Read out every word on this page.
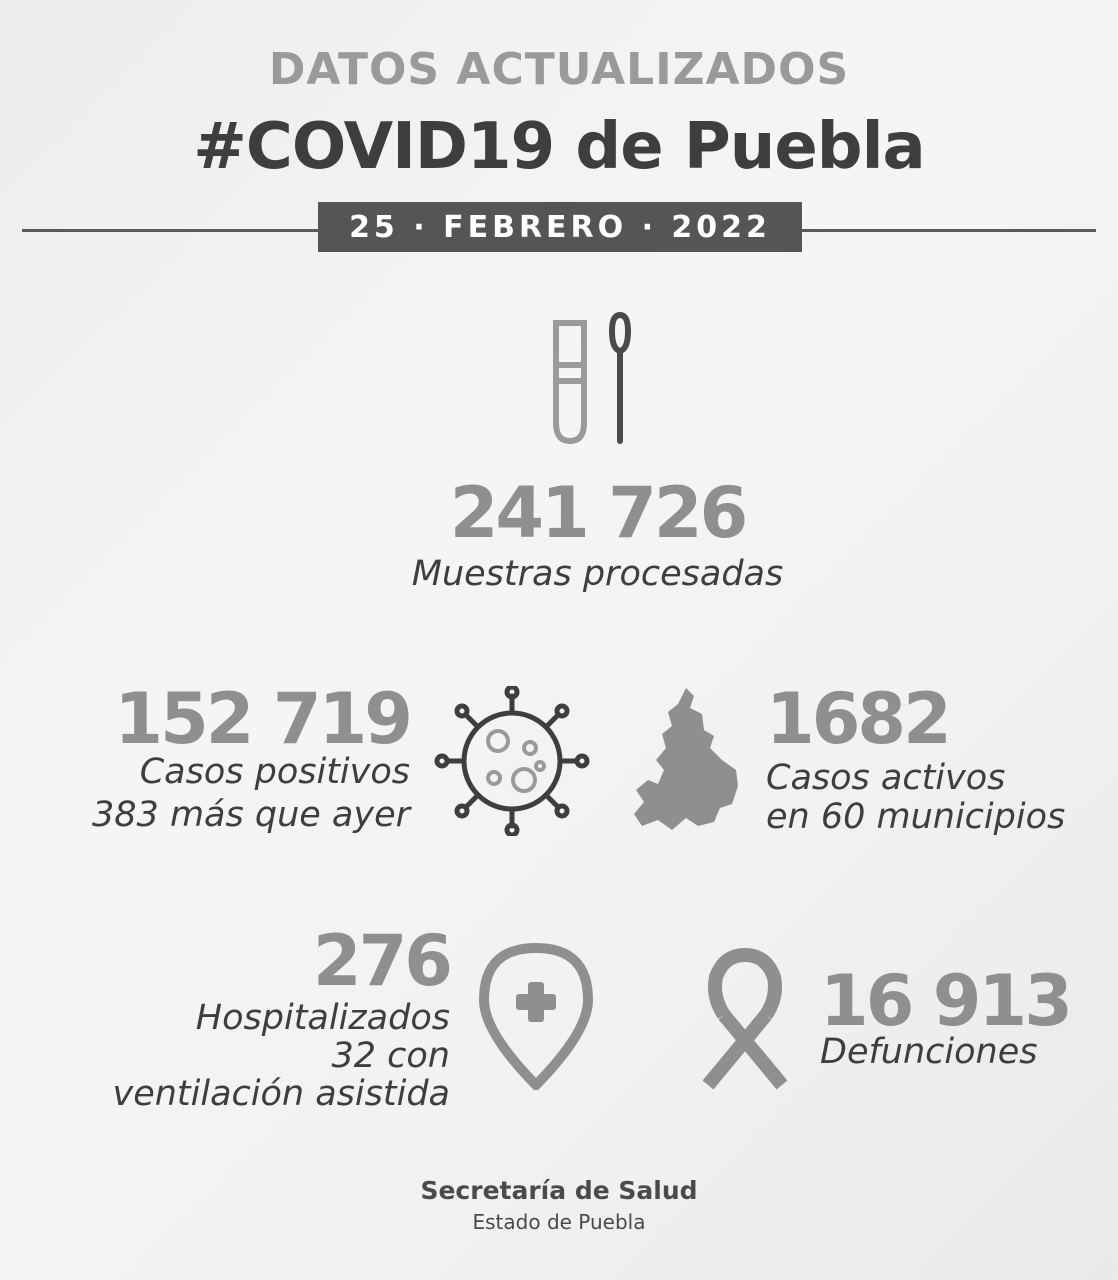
DATOS ACTUALIZADOS
#COVID19 de Puebla
25 · FEBRERO · 2022
241 726
Muestras procesadas
152 719
Casos positivos
383 más que ayer
1682
Casos activos
en 60 municipios
276
Hospitalizados
32 con
ventilación asistida
16 913
Defunciones
Secretaría de Salud
Estado de Puebla
